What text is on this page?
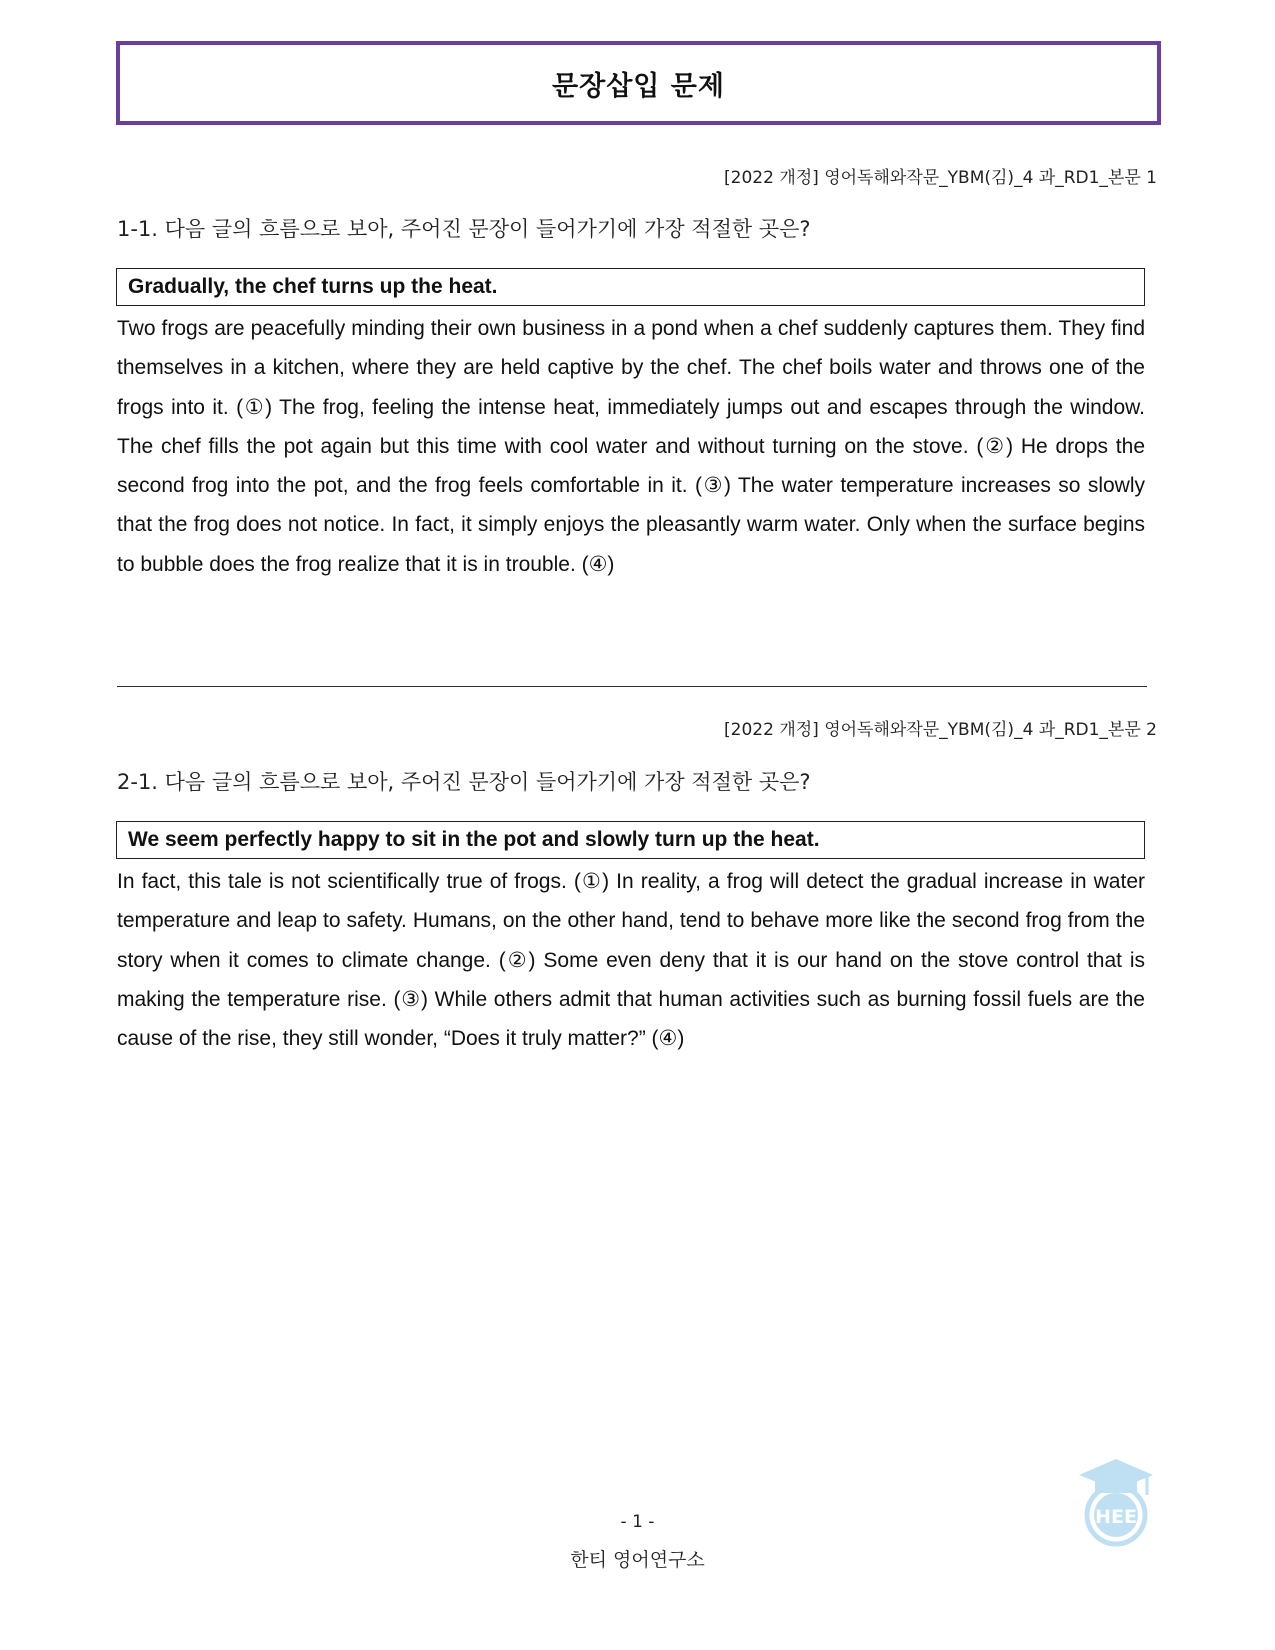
문장삽입 문제
[2022 개정] 영어독해와작문_YBM(김)_4 과_RD1_본문 1
1-1. 다음 글의 흐름으로 보아, 주어진 문장이 들어가기에 가장 적절한 곳은?
Gradually, the chef turns up the heat.

Two frogs are peacefully minding their own business in a pond when a chef suddenly captures them. They find themselves in a kitchen, where they are held captive by the chef. The chef boils water and throws one of the frogs into it. (①) The frog, feeling the intense heat, immediately jumps out and escapes through the window. The chef fills the pot again but this time with cool water and without turning on the stove. (②) He drops the second frog into the pot, and the frog feels comfortable in it. (③) The water temperature increases so slowly that the frog does not notice. In fact, it simply enjoys the pleasantly warm water. Only when the surface begins to bubble does the frog realize that it is in trouble. (④)

[2022 개정] 영어독해와작문_YBM(김)_4 과_RD1_본문 2
2-1. 다음 글의 흐름으로 보아, 주어진 문장이 들어가기에 가장 적절한 곳은?
We seem perfectly happy to sit in the pot and slowly turn up the heat.

In fact, this tale is not scientifically true of frogs. (①) In reality, a frog will detect the gradual increase in water temperature and leap to safety. Humans, on the other hand, tend to behave more like the second frog from the story when it comes to climate change. (②) Some even deny that it is our hand on the stove control that is making the temperature rise. (③) While others admit that human activities such as burning fossil fuels are the cause of the rise, they still wonder, “Does it truly matter?” (④)

- 1 -
한티 영어연구소
HEE
